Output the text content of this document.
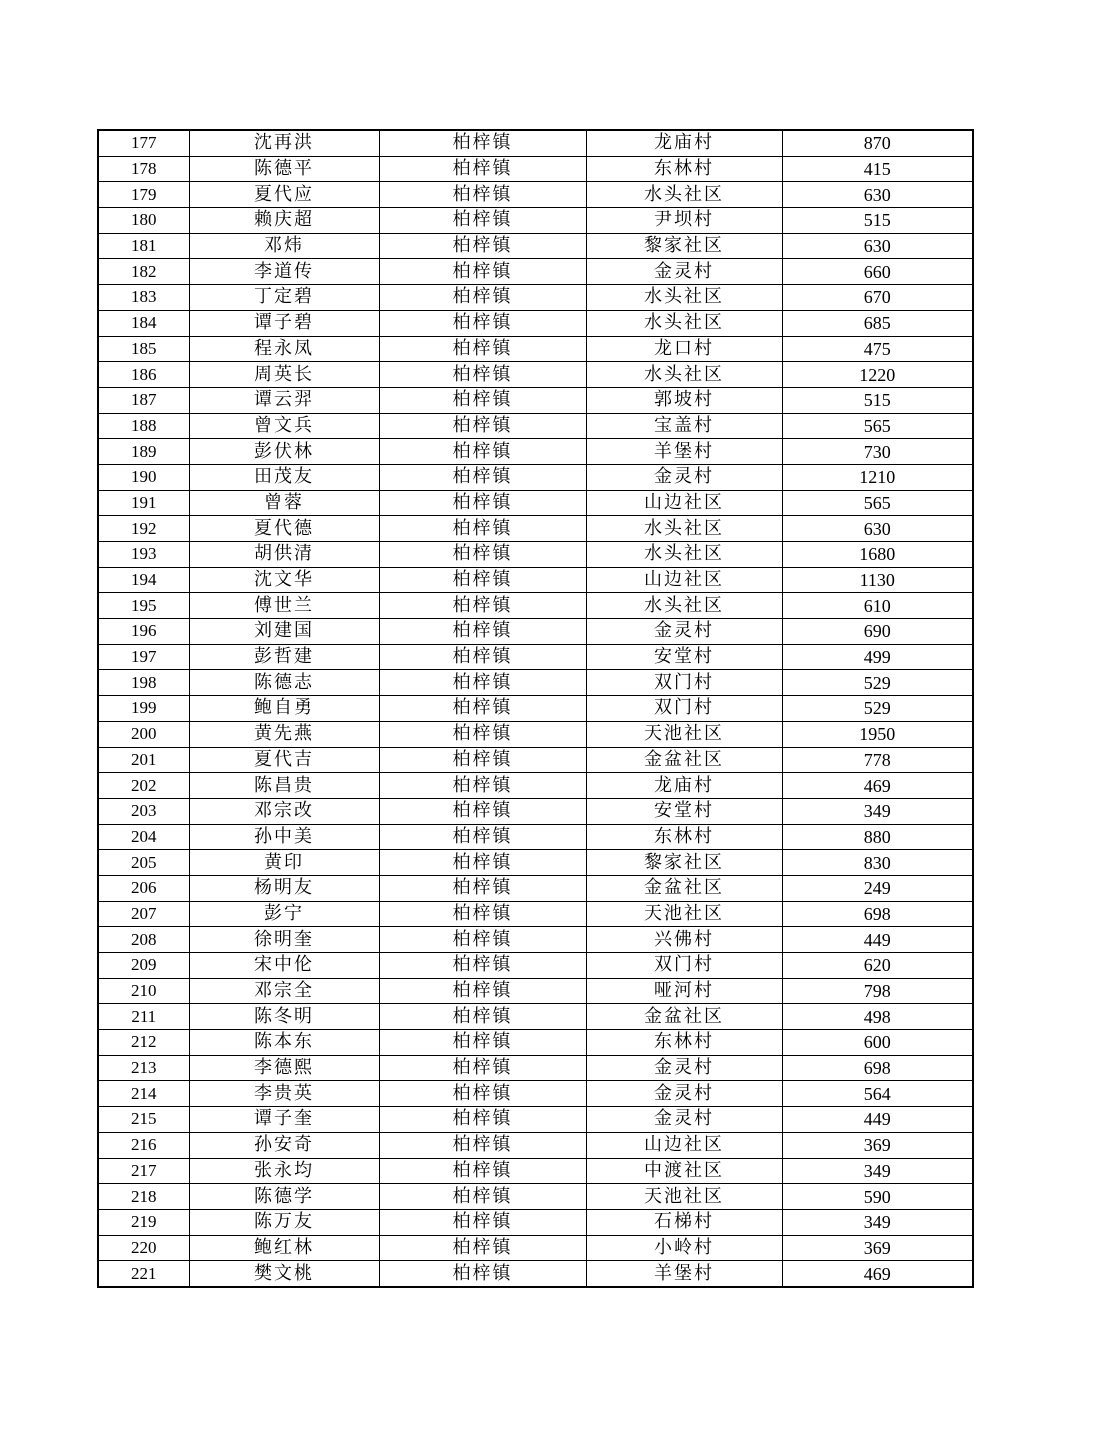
177	沈再洪	柏梓镇	龙庙村	870
178	陈德平	柏梓镇	东林村	415
179	夏代应	柏梓镇	水头社区	630
180	赖庆超	柏梓镇	尹坝村	515
181	邓炜	柏梓镇	黎家社区	630
182	李道传	柏梓镇	金灵村	660
183	丁定碧	柏梓镇	水头社区	670
184	谭子碧	柏梓镇	水头社区	685
185	程永凤	柏梓镇	龙口村	475
186	周英长	柏梓镇	水头社区	1220
187	谭云羿	柏梓镇	郭坡村	515
188	曾文兵	柏梓镇	宝盖村	565
189	彭伏林	柏梓镇	羊堡村	730
190	田茂友	柏梓镇	金灵村	1210
191	曾蓉	柏梓镇	山边社区	565
192	夏代德	柏梓镇	水头社区	630
193	胡供清	柏梓镇	水头社区	1680
194	沈文华	柏梓镇	山边社区	1130
195	傅世兰	柏梓镇	水头社区	610
196	刘建国	柏梓镇	金灵村	690
197	彭哲建	柏梓镇	安堂村	499
198	陈德志	柏梓镇	双门村	529
199	鲍自勇	柏梓镇	双门村	529
200	黄先燕	柏梓镇	天池社区	1950
201	夏代吉	柏梓镇	金盆社区	778
202	陈昌贵	柏梓镇	龙庙村	469
203	邓宗改	柏梓镇	安堂村	349
204	孙中美	柏梓镇	东林村	880
205	黄印	柏梓镇	黎家社区	830
206	杨明友	柏梓镇	金盆社区	249
207	彭宁	柏梓镇	天池社区	698
208	徐明奎	柏梓镇	兴佛村	449
209	宋中伦	柏梓镇	双门村	620
210	邓宗全	柏梓镇	哑河村	798
211	陈冬明	柏梓镇	金盆社区	498
212	陈本东	柏梓镇	东林村	600
213	李德熙	柏梓镇	金灵村	698
214	李贵英	柏梓镇	金灵村	564
215	谭子奎	柏梓镇	金灵村	449
216	孙安奇	柏梓镇	山边社区	369
217	张永均	柏梓镇	中渡社区	349
218	陈德学	柏梓镇	天池社区	590
219	陈万友	柏梓镇	石梯村	349
220	鲍红林	柏梓镇	小岭村	369
221	樊文桃	柏梓镇	羊堡村	469
